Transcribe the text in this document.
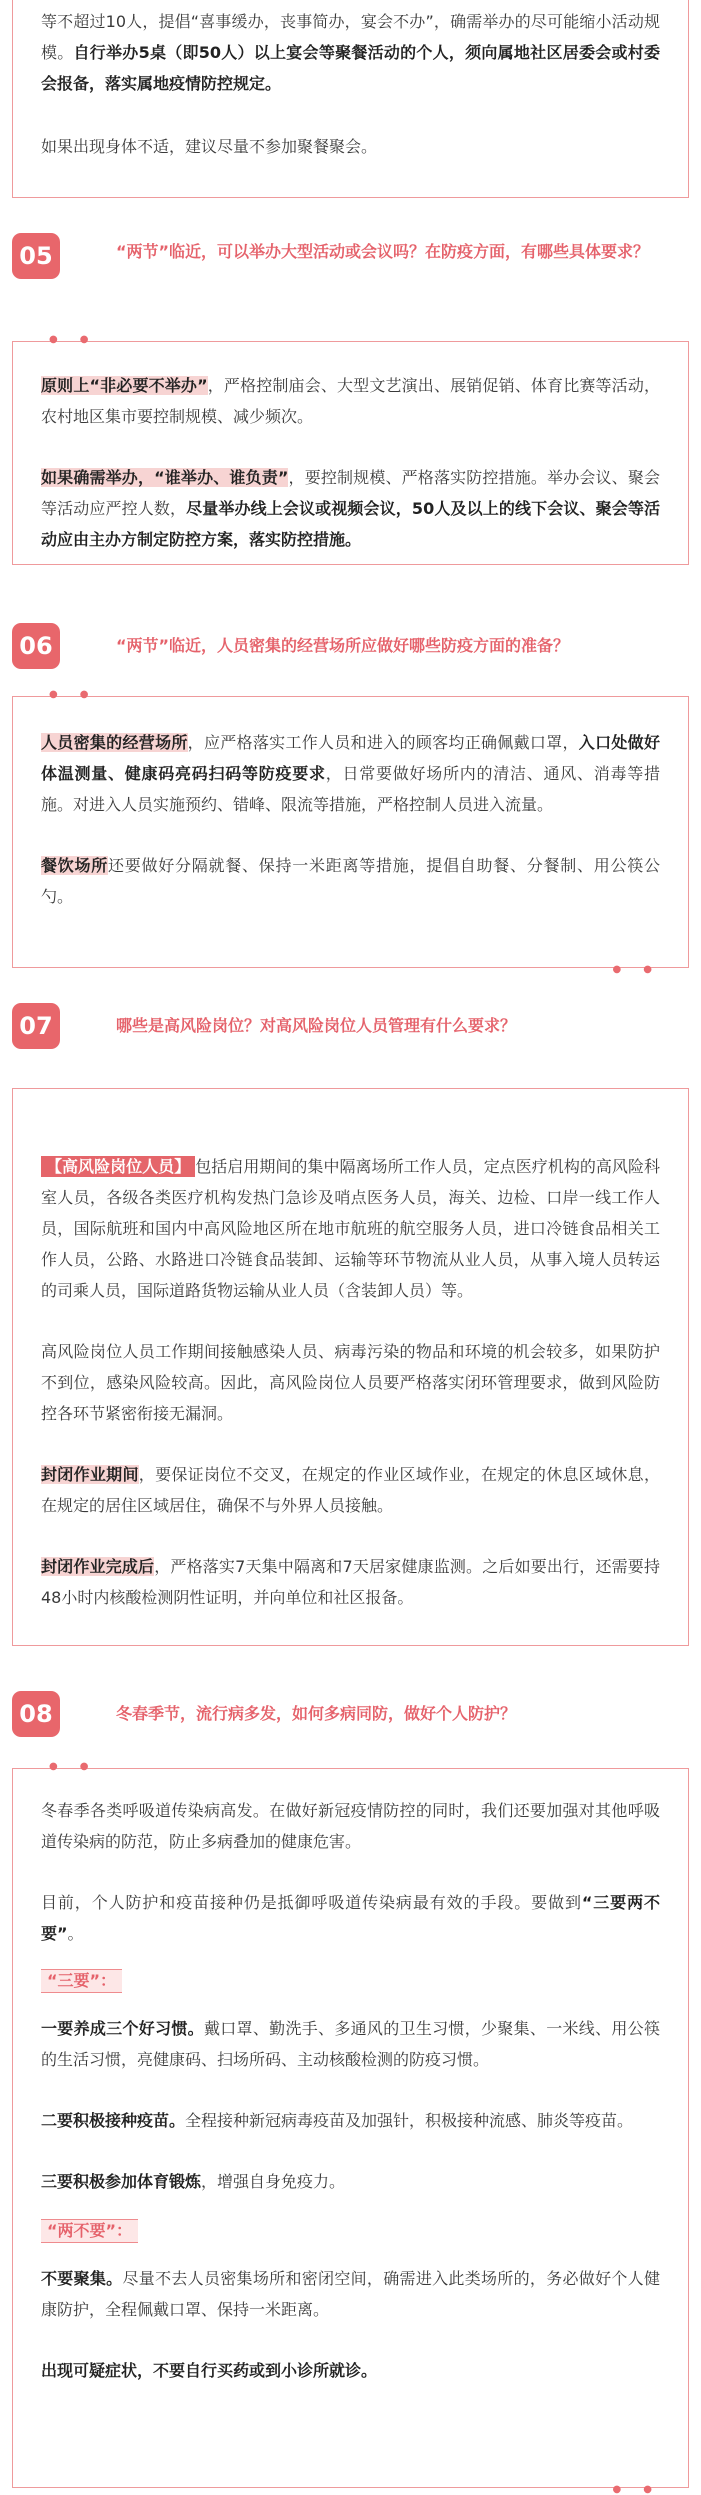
等不超过10人，提倡“喜事缓办，丧事简办，宴会不办”，确需举办的尽可能缩小活动规模。自行举办5桌（即50人）以上宴会等聚餐活动的个人，须向属地社区居委会或村委会报备，落实属地疫情防控规定。

如果出现身体不适，建议尽量不参加聚餐聚会。

05	“两节”临近，可以举办大型活动或会议吗？在防疫方面，有哪些具体要求？
●●

原则上“非必要不举办”，严格控制庙会、大型文艺演出、展销促销、体育比赛等活动，农村地区集市要控制规模、减少频次。

如果确需举办，“谁举办、谁负责”，要控制规模、严格落实防控措施。举办会议、聚会等活动应严控人数，尽量举办线上会议或视频会议，50人及以上的线下会议、聚会等活动应由主办方制定防控方案，落实防控措施。

06	“两节”临近，人员密集的经营场所应做好哪些防疫方面的准备？
●●

人员密集的经营场所，应严格落实工作人员和进入的顾客均正确佩戴口罩，入口处做好体温测量、健康码亮码扫码等防疫要求，日常要做好场所内的清洁、通风、消毒等措施。对进入人员实施预约、错峰、限流等措施，严格控制人员进入流量。

餐饮场所还要做好分隔就餐、保持一米距离等措施，提倡自助餐、分餐制、用公筷公勺。

●●
07	哪些是高风险岗位？对高风险岗位人员管理有什么要求？

【高风险岗位人员】 包括启用期间的集中隔离场所工作人员，定点医疗机构的高风险科室人员，各级各类医疗机构发热门急诊及哨点医务人员，海关、边检、口岸一线工作人员，国际航班和国内中高风险地区所在地市航班的航空服务人员，进口冷链食品相关工作人员，公路、水路进口冷链食品装卸、运输等环节物流从业人员，从事入境人员转运的司乘人员，国际道路货物运输从业人员（含装卸人员）等。

高风险岗位人员工作期间接触感染人员、病毒污染的物品和环境的机会较多，如果防护不到位，感染风险较高。因此，高风险岗位人员要严格落实闭环管理要求，做到风险防控各环节紧密衔接无漏洞。

封闭作业期间，要保证岗位不交叉，在规定的作业区域作业，在规定的休息区域休息，在规定的居住区域居住，确保不与外界人员接触。

封闭作业完成后，严格落实7天集中隔离和7天居家健康监测。之后如要出行，还需要持48小时内核酸检测阴性证明，并向单位和社区报备。

08	冬春季节，流行病多发，如何多病同防，做好个人防护？
●●

冬春季各类呼吸道传染病高发。在做好新冠疫情防控的同时，我们还要加强对其他呼吸道传染病的防范，防止多病叠加的健康危害。

目前，个人防护和疫苗接种仍是抵御呼吸道传染病最有效的手段。要做到“三要两不要”。

“三要”：

一要养成三个好习惯。戴口罩、勤洗手、多通风的卫生习惯，少聚集、一米线、用公筷的生活习惯，亮健康码、扫场所码、主动核酸检测的防疫习惯。

二要积极接种疫苗。全程接种新冠病毒疫苗及加强针，积极接种流感、肺炎等疫苗。

三要积极参加体育锻炼，增强自身免疫力。

“两不要”：

不要聚集。尽量不去人员密集场所和密闭空间，确需进入此类场所的，务必做好个人健康防护，全程佩戴口罩、保持一米距离。

出现可疑症状，不要自行买药或到小诊所就诊。

●●
